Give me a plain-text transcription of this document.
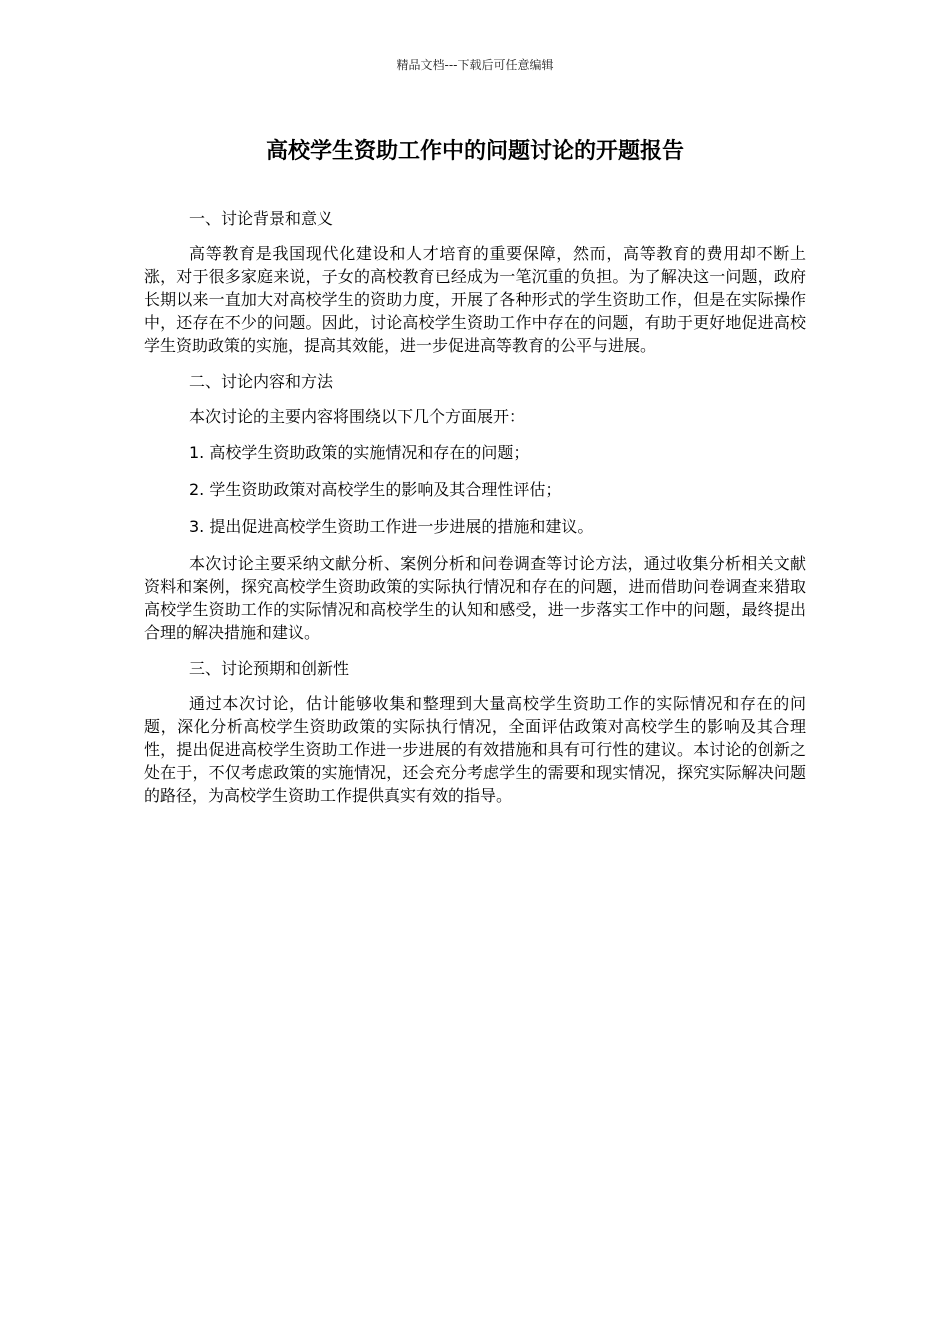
精品文档---下载后可任意编辑
高校学生资助工作中的问题讨论的开题报告

一、讨论背景和意义

高等教育是我国现代化建设和人才培育的重要保障，然而，高等教育的费用却不断上涨，对于很多家庭来说，子女的高校教育已经成为一笔沉重的负担。为了解决这一问题，政府长期以来一直加大对高校学生的资助力度，开展了各种形式的学生资助工作，但是在实际操作中，还存在不少的问题。因此，讨论高校学生资助工作中存在的问题，有助于更好地促进高校学生资助政策的实施，提高其效能，进一步促进高等教育的公平与进展。

二、讨论内容和方法

本次讨论的主要内容将围绕以下几个方面展开：

1. 高校学生资助政策的实施情况和存在的问题；

2. 学生资助政策对高校学生的影响及其合理性评估；

3. 提出促进高校学生资助工作进一步进展的措施和建议。

本次讨论主要采纳文献分析、案例分析和问卷调查等讨论方法，通过收集分析相关文献资料和案例，探究高校学生资助政策的实际执行情况和存在的问题，进而借助问卷调查来猎取高校学生资助工作的实际情况和高校学生的认知和感受，进一步落实工作中的问题，最终提出合理的解决措施和建议。

三、讨论预期和创新性

通过本次讨论，估计能够收集和整理到大量高校学生资助工作的实际情况和存在的问题，深化分析高校学生资助政策的实际执行情况，全面评估政策对高校学生的影响及其合理性，提出促进高校学生资助工作进一步进展的有效措施和具有可行性的建议。本讨论的创新之处在于，不仅考虑政策的实施情况，还会充分考虑学生的需要和现实情况，探究实际解决问题的路径，为高校学生资助工作提供真实有效的指导。
